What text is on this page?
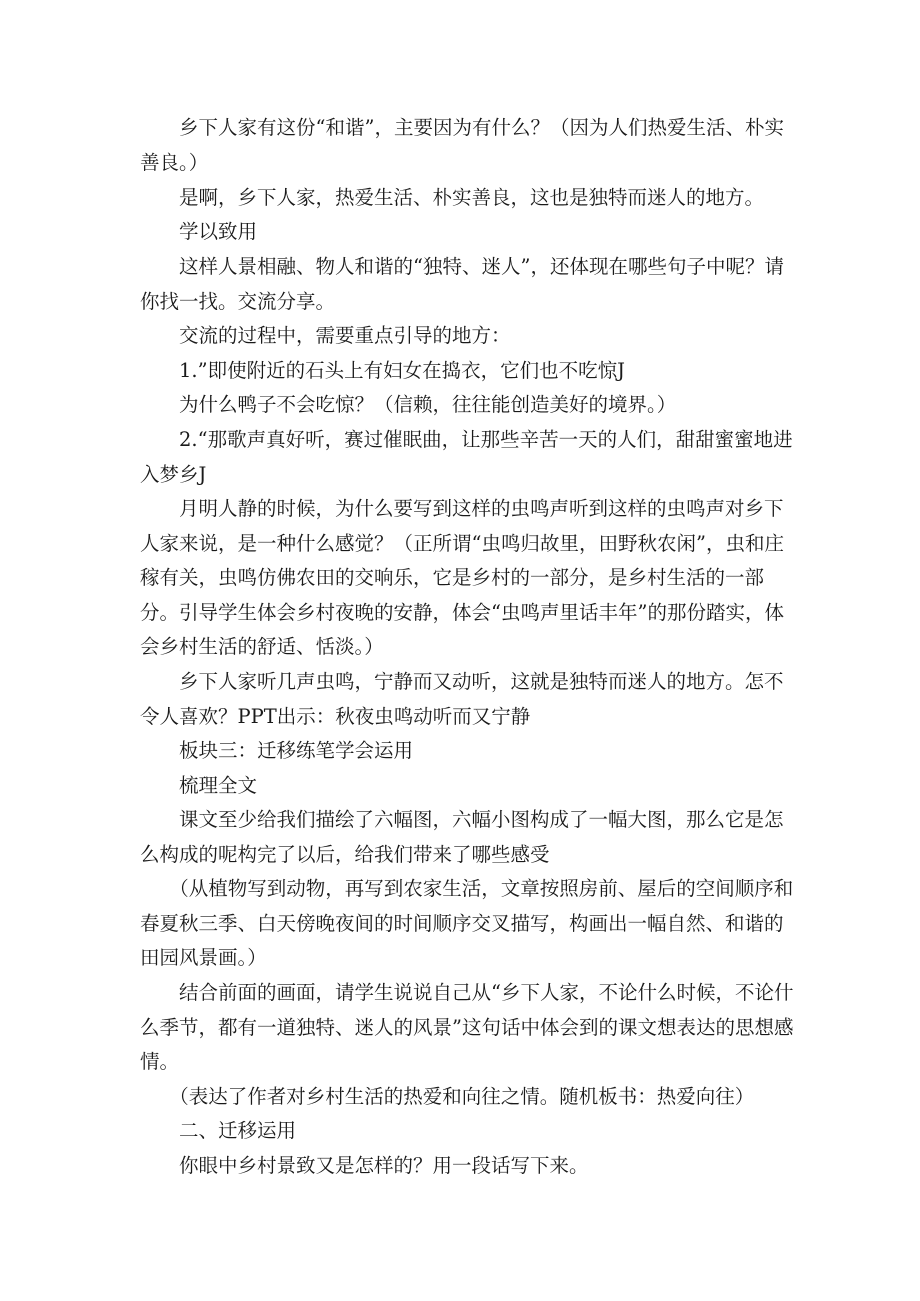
　　乡下人家有这份“和谐”，主要因为有什么？（因为人们热爱生活、朴实善良。）

　　是啊，乡下人家，热爱生活、朴实善良，这也是独特而迷人的地方。

　　学以致用

　　这样人景相融、物人和谐的“独特、迷人”，还体现在哪些句子中呢？请你找一找。交流分享。

　　交流的过程中，需要重点引导的地方：

　　1.”即使附近的石头上有妇女在捣衣，它们也不吃惊J

　　为什么鸭子不会吃惊？（信赖，往往能创造美好的境界。）

　　2.“那歌声真好听，赛过催眠曲，让那些辛苦一天的人们，甜甜蜜蜜地进入梦乡J

　　月明人静的时候，为什么要写到这样的虫鸣声听到这样的虫鸣声对乡下人家来说，是一种什么感觉？（正所谓“虫鸣归故里，田野秋农闲”，虫和庄稼有关，虫鸣仿佛农田的交响乐，它是乡村的一部分，是乡村生活的一部分。引导学生体会乡村夜晚的安静，体会“虫鸣声里话丰年”的那份踏实，体会乡村生活的舒适、恬淡。）

　　乡下人家听几声虫鸣，宁静而又动听，这就是独特而迷人的地方。怎不令人喜欢？PPT出示：秋夜虫鸣动听而又宁静

　　板块三：迁移练笔学会运用

　　梳理全文

　　课文至少给我们描绘了六幅图，六幅小图构成了一幅大图，那么它是怎么构成的呢构完了以后，给我们带来了哪些感受

　　（从植物写到动物，再写到农家生活，文章按照房前、屋后的空间顺序和春夏秋三季、白天傍晚夜间的时间顺序交叉描写，构画出一幅自然、和谐的田园风景画。）

　　结合前面的画面，请学生说说自己从“乡下人家，不论什么时候，不论什么季节，都有一道独特、迷人的风景”这句话中体会到的课文想表达的思想感情。

　　（表达了作者对乡村生活的热爱和向往之情。随机板书：热爱向往）

　　二、迁移运用

　　你眼中乡村景致又是怎样的？用一段话写下来。
